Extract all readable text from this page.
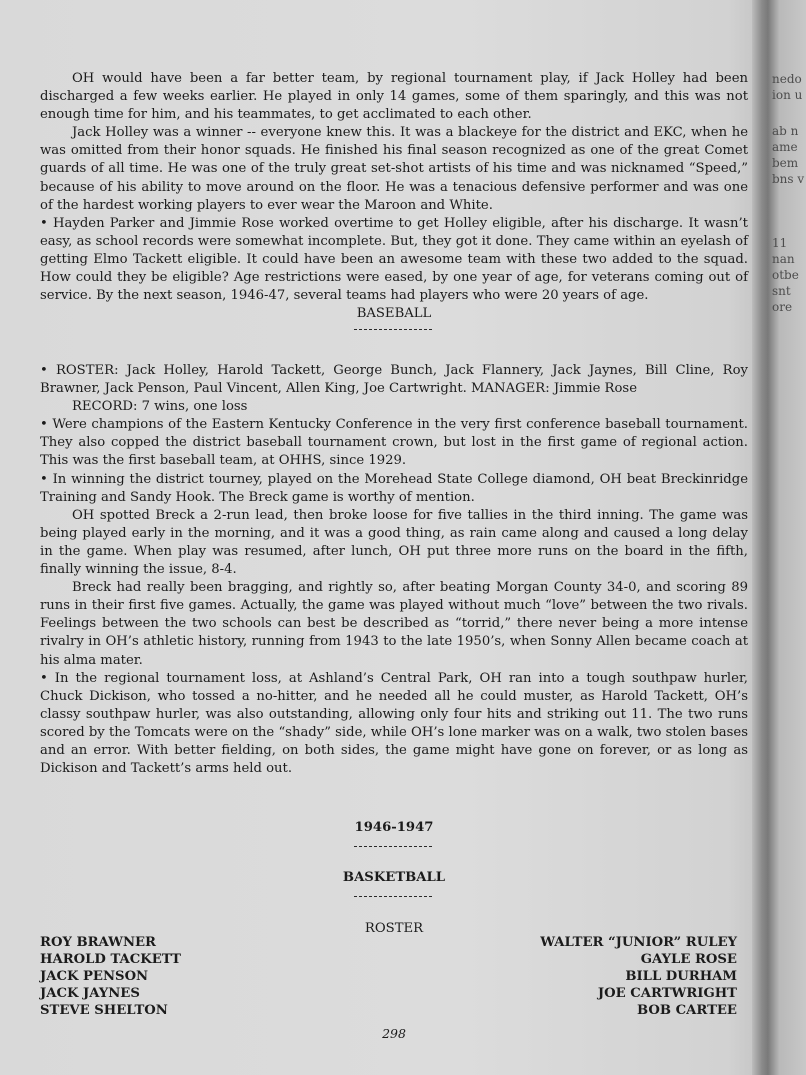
nedo
ion u
ab n
ame
bem
bns v
11
nan
otbe
snt
ore

OH would have been a far better team, by regional tournament play, if Jack Holley had been discharged a few weeks earlier. He played in only 14 games, some of them sparingly, and this was not enough time for him, and his teammates, to get acclimated to each other.

Jack Holley was a winner -- everyone knew this. It was a blackeye for the district and EKC, when he was omitted from their honor squads. He finished his final season recognized as one of the great Comet guards of all time. He was one of the truly great set-shot artists of his time and was nicknamed “Speed,” because of his ability to move around on the floor. He was a tenacious defensive performer and was one of the hardest working players to ever wear the Maroon and White.

• Hayden Parker and Jimmie Rose worked overtime to get Holley eligible, after his discharge. It wasn’t easy, as school records were somewhat incomplete. But, they got it done. They came within an eyelash of getting Elmo Tackett eligible. It could have been an awesome team with these two added to the squad. How could they be eligible? Age restrictions were eased, by one year of age, for veterans coming out of service. By the next season, 1946-47, several teams had players who were 20 years of age.

BASEBALL

• ROSTER: Jack Holley, Harold Tackett, George Bunch, Jack Flannery, Jack Jaynes, Bill Cline, Roy Brawner, Jack Penson, Paul Vincent, Allen King, Joe Cartwright. MANAGER: Jimmie Rose

RECORD: 7 wins, one loss

• Were champions of the Eastern Kentucky Conference in the very first conference baseball tournament. They also copped the district baseball tournament crown, but lost in the first game of regional action. This was the first baseball team, at OHHS, since 1929.

• In winning the district tourney, played on the Morehead State College diamond, OH beat Breckinridge Training and Sandy Hook. The Breck game is worthy of mention.

OH spotted Breck a 2-run lead, then broke loose for five tallies in the third inning. The game was being played early in the morning, and it was a good thing, as rain came along and caused a long delay in the game. When play was resumed, after lunch, OH put three more runs on the board in the fifth, finally winning the issue, 8-4.

Breck had really been bragging, and rightly so, after beating Morgan County 34-0, and scoring 89 runs in their first five games. Actually, the game was played without much “love” between the two rivals. Feelings between the two schools can best be described as “torrid,” there never being a more intense rivalry in OH’s athletic history, running from 1943 to the late 1950’s, when Sonny Allen became coach at his alma mater.

• In the regional tournament loss, at Ashland’s Central Park, OH ran into a tough southpaw hurler, Chuck Dickison, who tossed a no-hitter, and he needed all he could muster, as Harold Tackett, OH’s classy southpaw hurler, was also outstanding, allowing only four hits and striking out 11. The two runs scored by the Tomcats were on the “shady” side, while OH’s lone marker was on a walk, two stolen bases and an error. With better fielding, on both sides, the game might have gone on forever, or as long as Dickison and Tackett’s arms held out.

1946-1947
BASKETBALL
ROSTER
ROY BRAWNER
HAROLD TACKETT
JACK PENSON
JACK JAYNES
STEVE SHELTON
WALTER “JUNIOR” RULEY
GAYLE ROSE
BILL DURHAM
JOE CARTWRIGHT
BOB CARTEE
298
